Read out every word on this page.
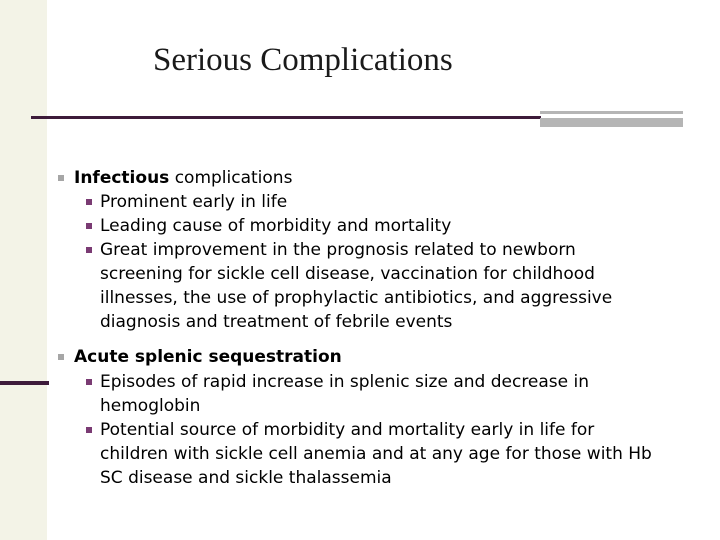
Serious Complications
Infectious complications
Prominent early in life
Leading cause of morbidity and mortality
Great improvement in the prognosis related to newborn
screening for sickle cell disease, vaccination for childhood
illnesses, the use of prophylactic antibiotics, and aggressive
diagnosis and treatment of febrile events
Acute splenic sequestration
Episodes of rapid increase in splenic size and decrease in
hemoglobin
Potential source of morbidity and mortality early in life for
children with sickle cell anemia and at any age for those with Hb
SC disease and sickle thalassemia
